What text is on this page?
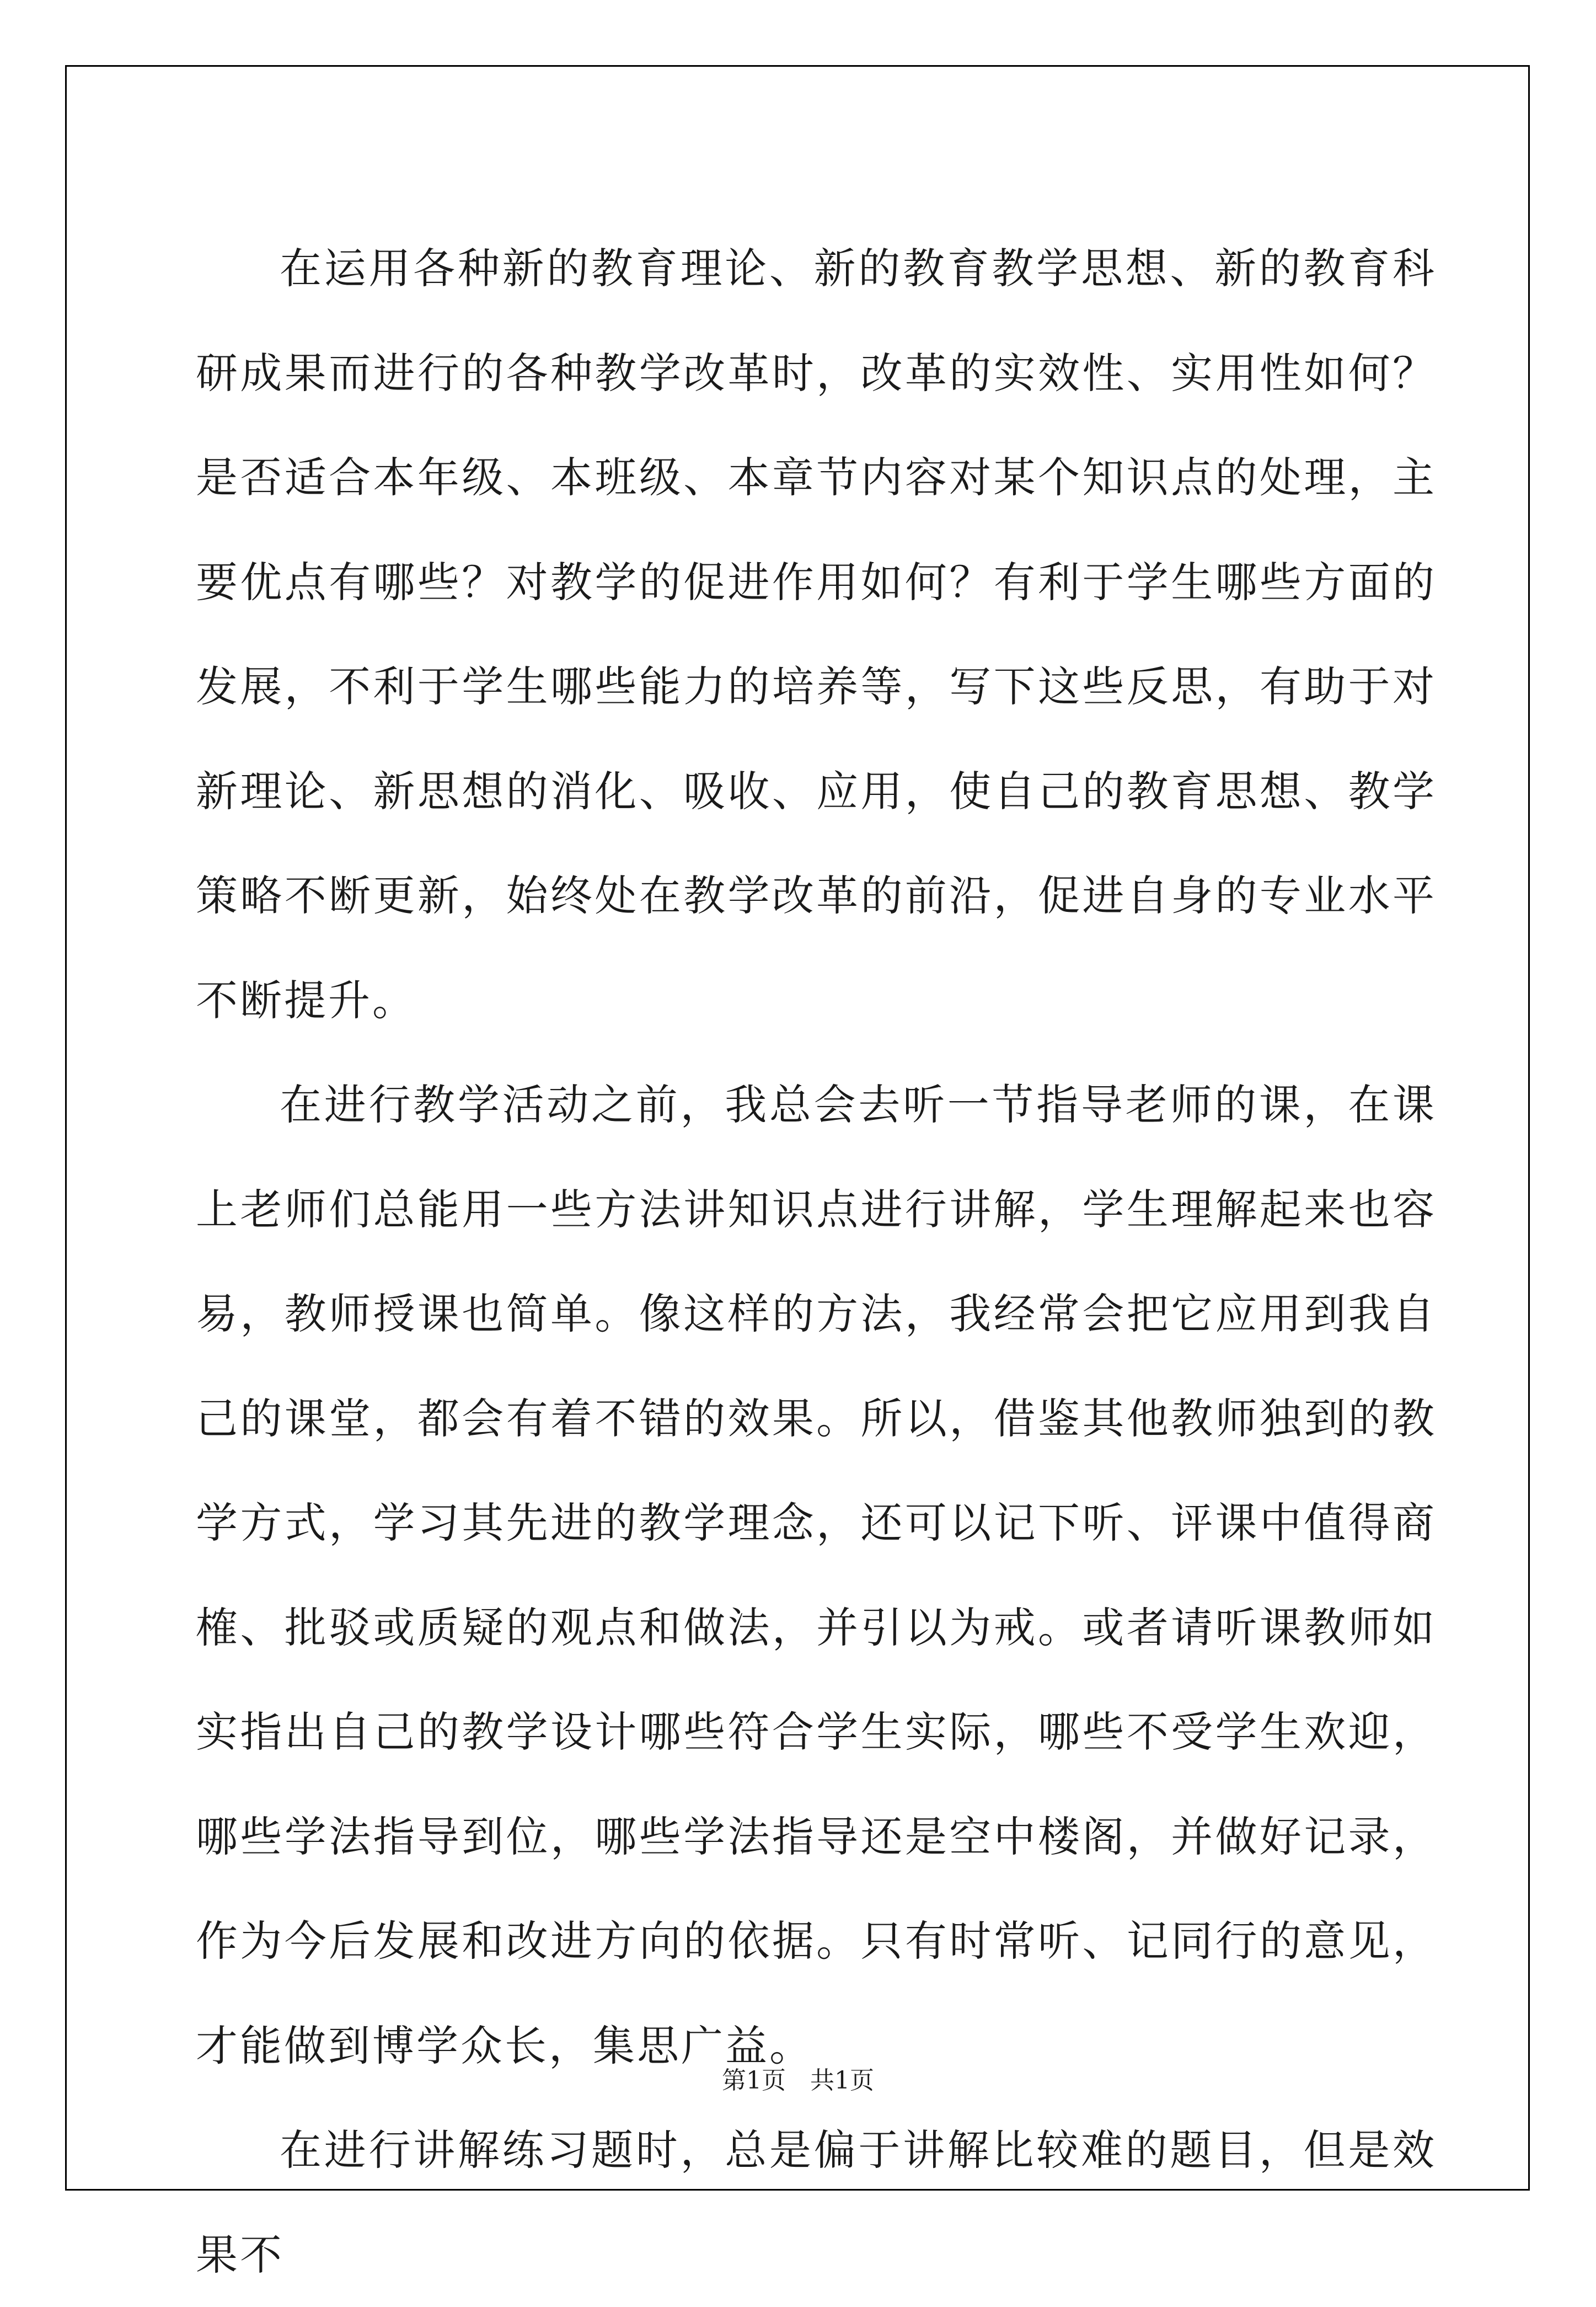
在运用各种新的教育理论、新的教育教学思想、新的教育科研成果而进行的各种教学改革时，改革的实效性、实用性如何？是否适合本年级、本班级、本章节内容对某个知识点的处理，主要优点有哪些？对教学的促进作用如何？有利于学生哪些方面的发展，不利于学生哪些能力的培养等，写下这些反思，有助于对新理论、新思想的消化、吸收、应用，使自己的教育思想、教学策略不断更新，始终处在教学改革的前沿，促进自身的专业水平不断提升。

在进行教学活动之前，我总会去听一节指导老师的课，在课上老师们总能用一些方法讲知识点进行讲解，学生理解起来也容易，教师授课也简单。像这样的方法，我经常会把它应用到我自己的课堂，都会有着不错的效果。所以，借鉴其他教师独到的教学方式，学习其先进的教学理念，还可以记下听、评课中值得商榷、批驳或质疑的观点和做法，并引以为戒。或者请听课教师如实指出自己的教学设计哪些符合学生实际，哪些不受学生欢迎，哪些学法指导到位，哪些学法指导还是空中楼阁，并做好记录，作为今后发展和改进方向的依据。只有时常听、记同行的意见，才能做到博学众长，集思广益。

在进行讲解练习题时，总是偏于讲解比较难的题目，但是效果不

第1页　共1页
